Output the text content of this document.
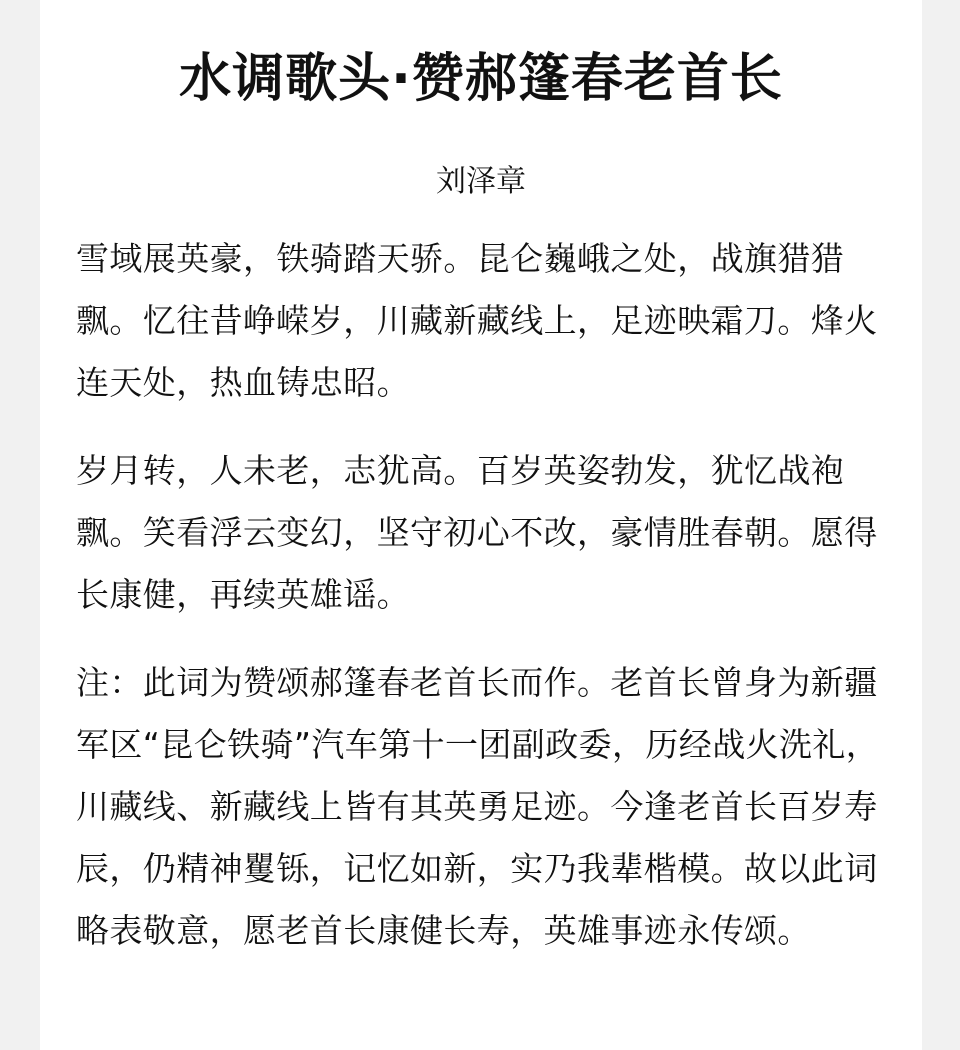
水调歌头·赞郝篷春老首长

刘泽章

雪域展英豪，铁骑踏天骄。昆仑巍峨之处，战旗猎猎飘。忆往昔峥嵘岁，川藏新藏线上，足迹映霜刀。烽火连天处，热血铸忠昭。

岁月转，人未老，志犹高。百岁英姿勃发，犹忆战袍飘。笑看浮云变幻，坚守初心不改，豪情胜春朝。愿得长康健，再续英雄谣。

注：此词为赞颂郝篷春老首长而作。老首长曾身为新疆军区“昆仑铁骑”汽车第十一团副政委，历经战火洗礼，川藏线、新藏线上皆有其英勇足迹。今逢老首长百岁寿辰，仍精神矍铄，记忆如新，实乃我辈楷模。故以此词略表敬意，愿老首长康健长寿，英雄事迹永传颂。
